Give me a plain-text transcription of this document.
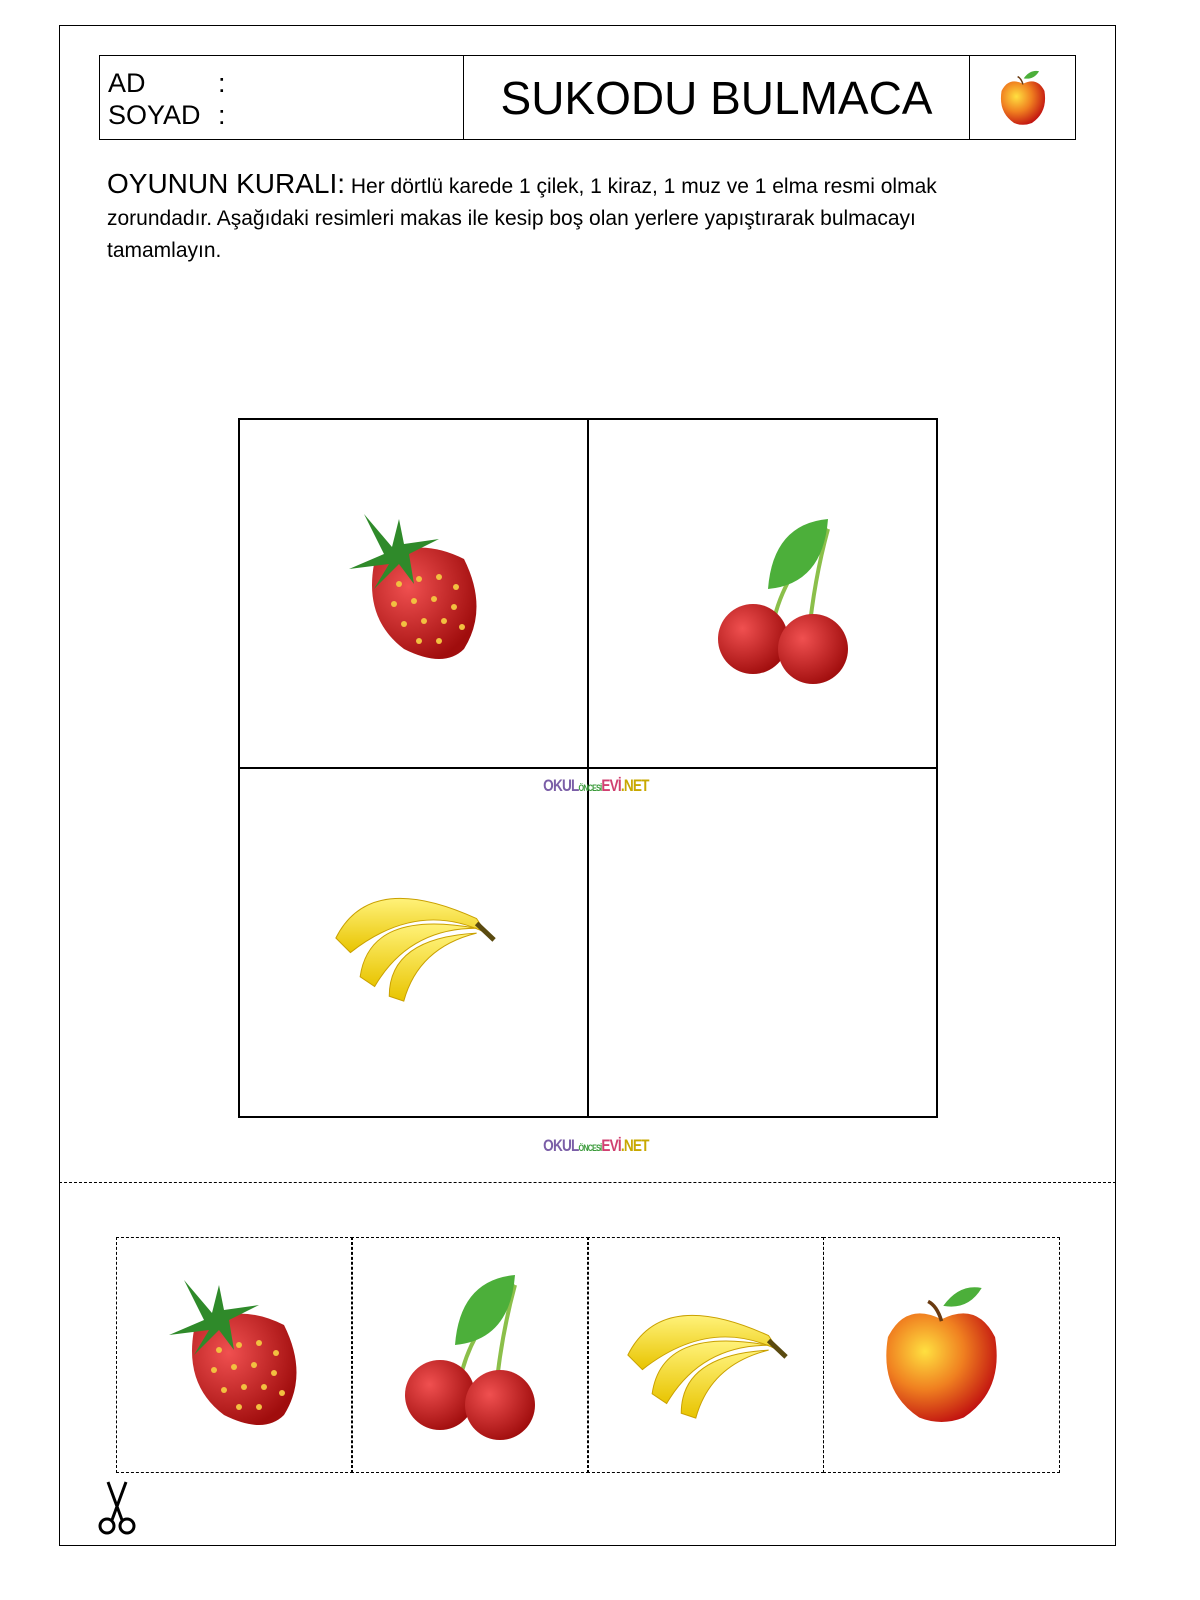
AD	:
SOYAD :	SUKODU BULMACA
OYUNUN KURALI: Her dörtlü karede 1 çilek, 1 kiraz, 1 muz ve 1 elma resmi olmak zorundadır. Aşağıdaki resimleri makas ile kesip boş olan yerlere yapıştırarak bulmacayı tamamlayın.
OKULÖNCESİEVİ.NET
OKULÖNCESİEVİ.NET
